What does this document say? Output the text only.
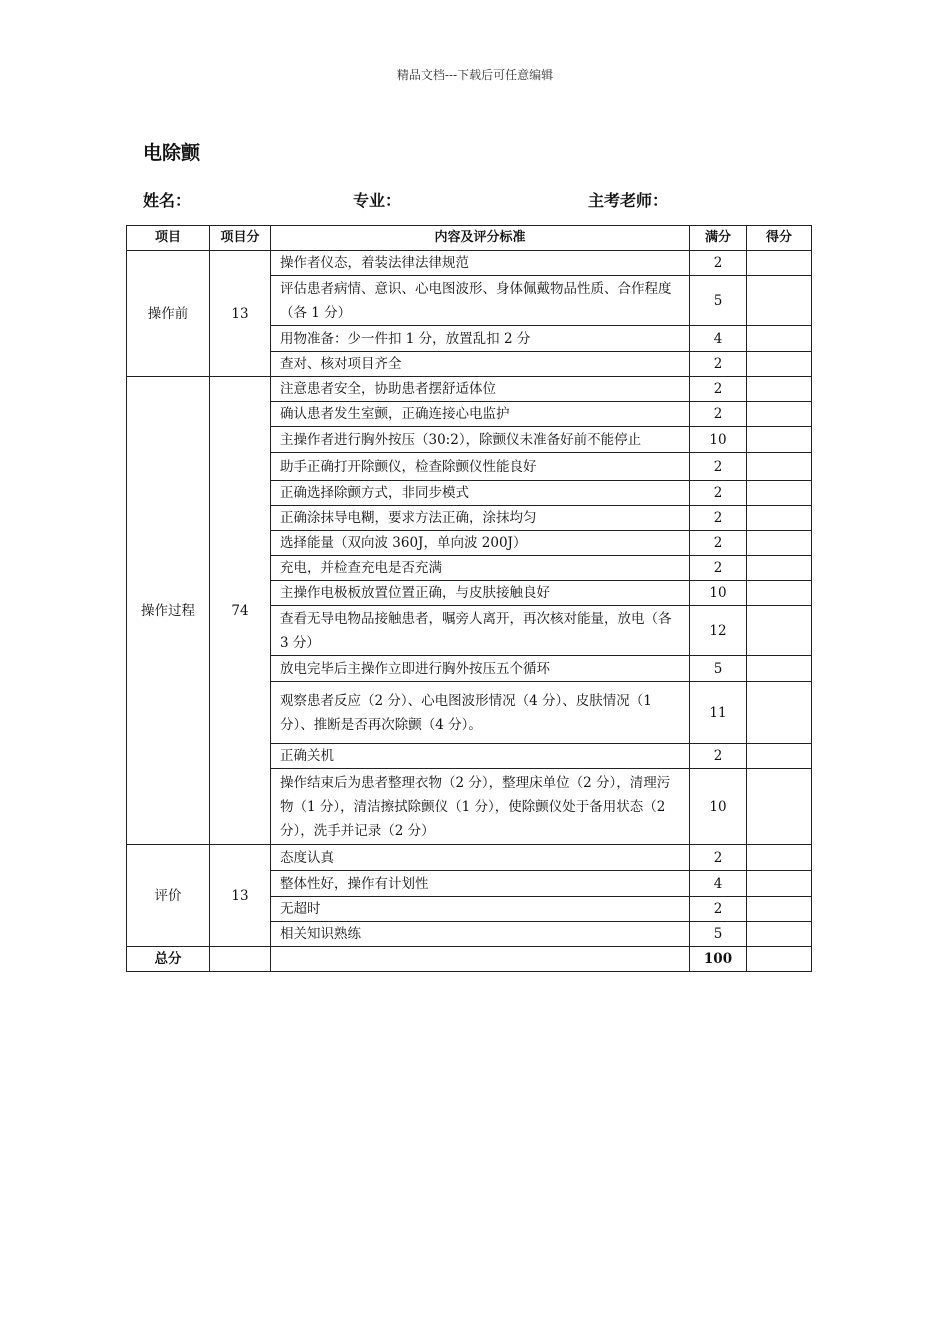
精品文档---下载后可任意编辑
电除颤
姓名：	专业：	主考老师：
项目	项目分	内容及评分标准	满分	得分
操作前	13	操作者仪态，着装法律法律规范	2	
		评估患者病情、意识、心电图波形、身体佩戴物品性质、合作程度（各 1 分）	5	
		用物准备：少一件扣 1 分，放置乱扣 2 分	4	
		查对、核对项目齐全	2	
操作过程	74	注意患者安全，协助患者摆舒适体位	2	
		确认患者发生室颤，正确连接心电监护	2	
		主操作者进行胸外按压（30:2），除颤仪未准备好前不能停止	10	
		助手正确打开除颤仪，检查除颤仪性能良好	2	
		正确选择除颤方式，非同步模式	2	
		正确涂抹导电糊，要求方法正确，涂抹均匀	2	
		选择能量（双向波 360J，单向波 200J）	2	
		充电，并检查充电是否充满	2	
		主操作电极板放置位置正确，与皮肤接触良好	10	
		查看无导电物品接触患者，嘱旁人离开，再次核对能量，放电（各 3 分）	12	
		放电完毕后主操作立即进行胸外按压五个循环	5	
		观察患者反应（2 分）、心电图波形情况（4 分）、皮肤情况（1 分）、推断是否再次除颤（4 分）。	11	
		正确关机	2	
		操作结束后为患者整理衣物（2 分），整理床单位（2 分），清理污物（1 分），清洁擦拭除颤仪（1 分），使除颤仪处于备用状态（2 分），洗手并记录（2 分）	10	
评价	13	态度认真	2	
		整体性好，操作有计划性	4	
		无超时	2	
		相关知识熟练	5	
总分			100	
